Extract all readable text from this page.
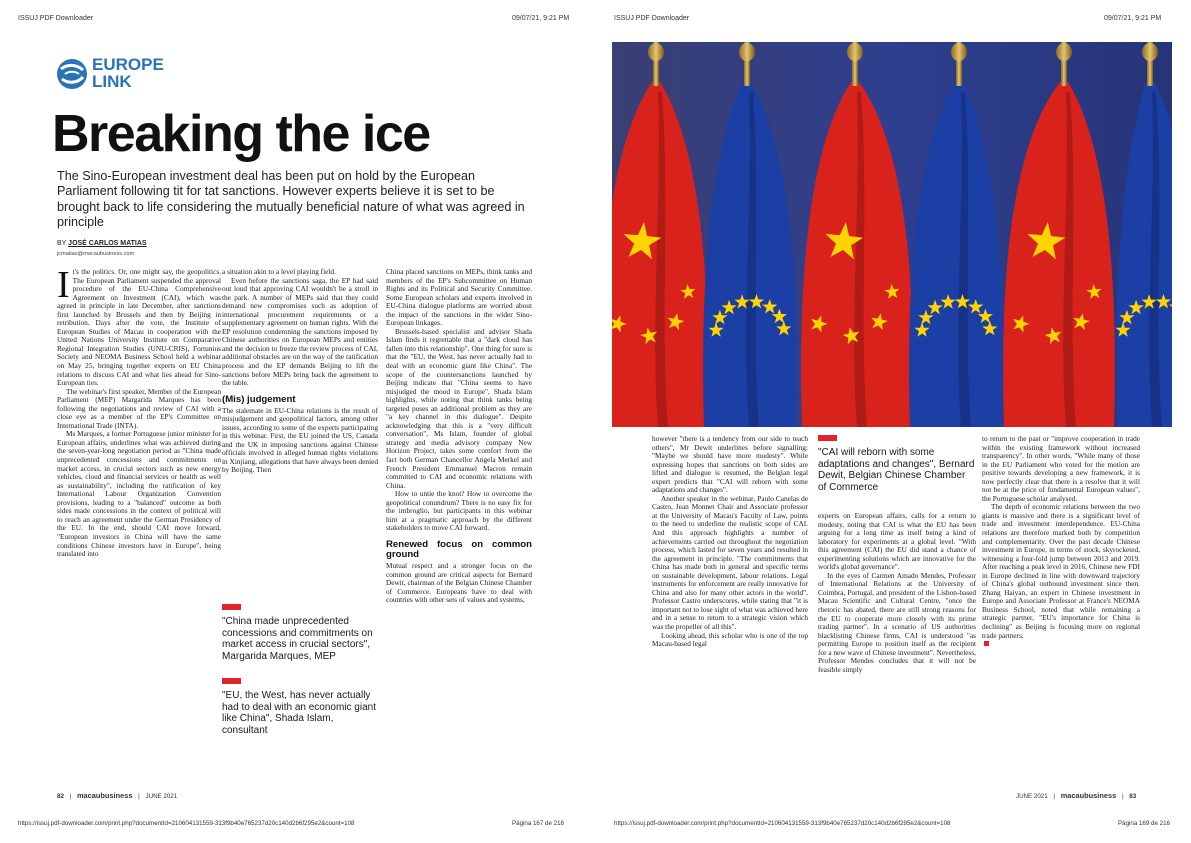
ISSUJ PDF Downloader	09/07/21, 9:21 PM	ISSUJ PDF Downloader	09/07/21, 9:21 PM
https://issuj.pdf-downloader.com/print.php?documentId=210604131559-313f9b40e765237d20c140d2b6f295e2&count=108	Página 167 de 216	https://issuj.pdf-downloader.com/print.php?documentId=210604131559-313f9b40e765237d20c140d2b6f295e2&count=108	Página 169 de 216
EUROPE
LINK
Breaking the ice
The Sino-European investment deal has been put on hold by the European Parliament following tit for tat sanctions. However experts believe it is set to be brought back to life considering the mutually beneficial nature of what was agreed in principle
BY JOSÉ CARLOS MATIAS
jcmatias@macaubusiness.com
I t's the politics. Or, one might say, the geopolitics. The European Parliament suspended the approval procedure of the EU-China Comprehensive Agreement on Investment (CAI), which was agreed in principle in late December, after sanctions first launched by Brussels and then by Beijing in retribution. Days after the vote, the Institute of European Studies of Macau in cooperation with the United Nations University Institute on Comparative Regional Integration Studies (UNU-CRIS), Fortunius Society and NEOMA Business School held a webinar on May 25, bringing together experts on EU China relations to discuss CAI and what lies ahead for Sino-European ties.

The webinar's first speaker, Member of the European Parliament (MEP) Margarida Marques has been following the negotiations and review of CAI with a close eye as a member of the EP's Committee on International Trade (INTA).

Ms Marques, a former Portuguese junior minister for European affairs, underlines what was achieved during the seven-year-long negotiation period as "China made unprecedented concessions and commitments on market access, in crucial sectors such as new energy vehicles, cloud and financial services or health as well as sustainability", including the ratification of key International Labour Organization Convention provisions, leading to a "balanced" outcome as both sides made concessions in the context of political will to reach an agreement under the German Presidency of the EU. In the end, should CAI move forward, "European investors in China will have the same conditions Chinese investors have in Europe", being translated into

a situation akin to a level playing field.

Even before the sanctions saga, the EP had said out loud that approving CAI wouldn't be a stroll in the park. A number of MEPs said that they could demand new compromises such as adoption of international procurement requirements or a supplementary agreement on human rights. With the EP resolution condemning the sanctions imposed by Chinese authorities on European MEPs and entities and the decision to freeze the review process of CAI, additional obstacles are on the way of the ratification process and the EP demands Beijing to lift the sanctions before MEPs bring back the agreement to the table.

(Mis) judgement

The stalemate in EU-China relations is the result of misjudgement and geopolitical factors, among other issues, according to some of the experts participating in this webinar. First, the EU joined the US, Canada and the UK in imposing sanctions against Chinese officials involved in alleged human rights violations in Xinjiang, allegations that have always been denied by Beijing. Then

"China made unprecedented concessions and commitments on market access in crucial sectors", Margarida Marques, MEP
"EU, the West, has never actually had to deal with an economic giant like China", Shada Islam, consultant

China placed sanctions on MEPs, think tanks and members of the EP's Subcommittee on Human Rights and its Political and Security Committee. Some European scholars and experts involved in EU-China dialogue platforms are worried about the impact of the sanctions in the wider Sino-European linkages.

Brussels-based specialist and advisor Shada Islam finds it regrettable that a "dark cloud has fallen into this relationship". One thing for sure is that the "EU, the West, has never actually had to deal with an economic giant like China". The scope of the countersanctions launched by Beijing indicate that "China seems to have misjudged the mood in Europe", Shada Islam highlights, while noting that think tanks being targeted poses an additional problem as they are "a key channel in this dialogue". Despite acknowledging that this is a "very difficult conversation", Ms Islam, founder of global strategy and media advisory company New Horizon Project, takes some comfort from the fact both German Chancellor Angela Merkel and French President Emmanuel Macron remain committed to CAI and economic relations with China.

How to untie the knot? How to overcome the geopolitical conundrum? There is no easy fix for the imbroglio, but participants in this webinar hint at a pragmatic approach by the different stakeholders to move CAI forward.

Renewed focus on common ground

Mutual respect and a stronger focus on the common ground are critical aspects for Bernard Dewit, chairman of the Belgian Chinese Chamber of Commerce. Europeans have to deal with countries with other sets of values and systems,

82 | macaubusiness | JUNE 2021

however "there is a tendency from our side to teach others", Mr Dewit underlines before signalling: "Maybe we should have more modesty". While expressing hopes that sanctions on both sides are lifted and dialogue is resumed, the Belgian legal expert predicts that "CAI will reborn with some adaptations and changes".

Another speaker in the webinar, Paulo Canelas de Castro, Jean Monnet Chair and Associate professor at the University of Macau's Faculty of Law, points to the need to underline the realistic scope of CAI. And this approach highlights a number of achievements carried out throughout the negotiation process, which lasted for seven years and resulted in the agreement in principle. "The commitments that China has made both in general and specific terms on sustainable development, labour relations. Legal instruments for enforcement are really innovative for China and also for many other actors in the world", Professor Castro underscores, while stating that "it is important not to lose sight of what was achieved here and in a sense to return to a strategic vision which was the propeller of all this".

Looking ahead, this scholar who is one of the top Macau-based legal

"CAI will reborn with some adaptations and changes", Bernard Dewit, Belgian Chinese Chamber of Commerce

experts on European affairs, calls for a return to modesty, noting that CAI is what the EU has been arguing for a long time as itself being a kind of laboratory for experiments at a global level. "With this agreement (CAI) the EU did stand a chance of experimenting solutions which are innovative for the world's global governance".

In the eyes of Carmen Amado Mendes, Professor of International Relations at the University of Coimbra, Portugal, and president of the Lisbon-based Macau Scientific and Cultural Centre, "once the rhetoric has abated, there are still strong reasons for the EU to cooperate more closely with its prime trading partner". In a scenario of US authorities blacklisting Chinese firms, CAI is understood "as permitting Europe to position itself as the recipient for a new wave of Chinese investment". Nevertheless, Professor Mendes concludes that it will not be feasible simply

to return to the past or "improve cooperation in trade within the existing framework without increased transparency". In other words, "While many of those in the EU Parliament who voted for the motion are positive towards developing a new framework, it is now perfectly clear that there is a resolve that it will not be at the price of fundamental European values", the Portuguese scholar analysed.

The depth of economic relations between the two giants is massive and there is a significant level of trade and investment interdependence. EU-China relations are therefore marked both by competition and complementarity. Over the past decade Chinese investment in Europe, in terms of stock, skyrocketed, witnessing a four-fold jump between 2013 and 2019. After reaching a peak level in 2016, Chinese new FDI in Europe declined in line with downward trajectory of China's global outbound investment since then. Zhang Haiyan, an expert in Chinese investment in Europe and Associate Professor at France's NEOMA Business School, noted that while remaining a strategic partner, "EU's importance for China is declining" as Beijing is focusing more on regional trade partners.

JUNE 2021 | macaubusiness | 83
